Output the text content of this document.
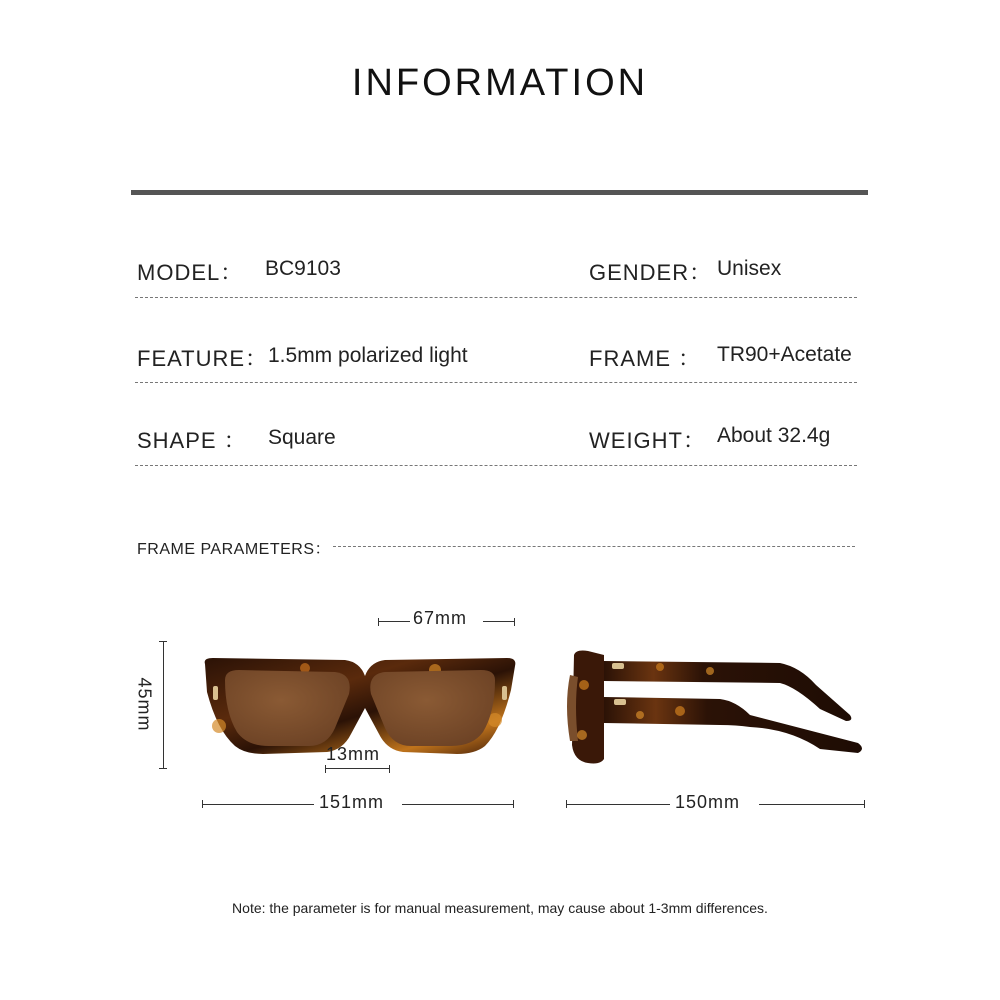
INFORMATION
MODEL： BC9103	GENDER： Unisex
FEATURE： 1.5mm polarized light	FRAME ： TR90+Acetate
SHAPE ： Square	WEIGHT： About 32.4g
FRAME PARAMETERS：
67mm
45mm
13mm
151mm	150mm
Note: the parameter is for manual measurement, may cause about 1-3mm differences.
